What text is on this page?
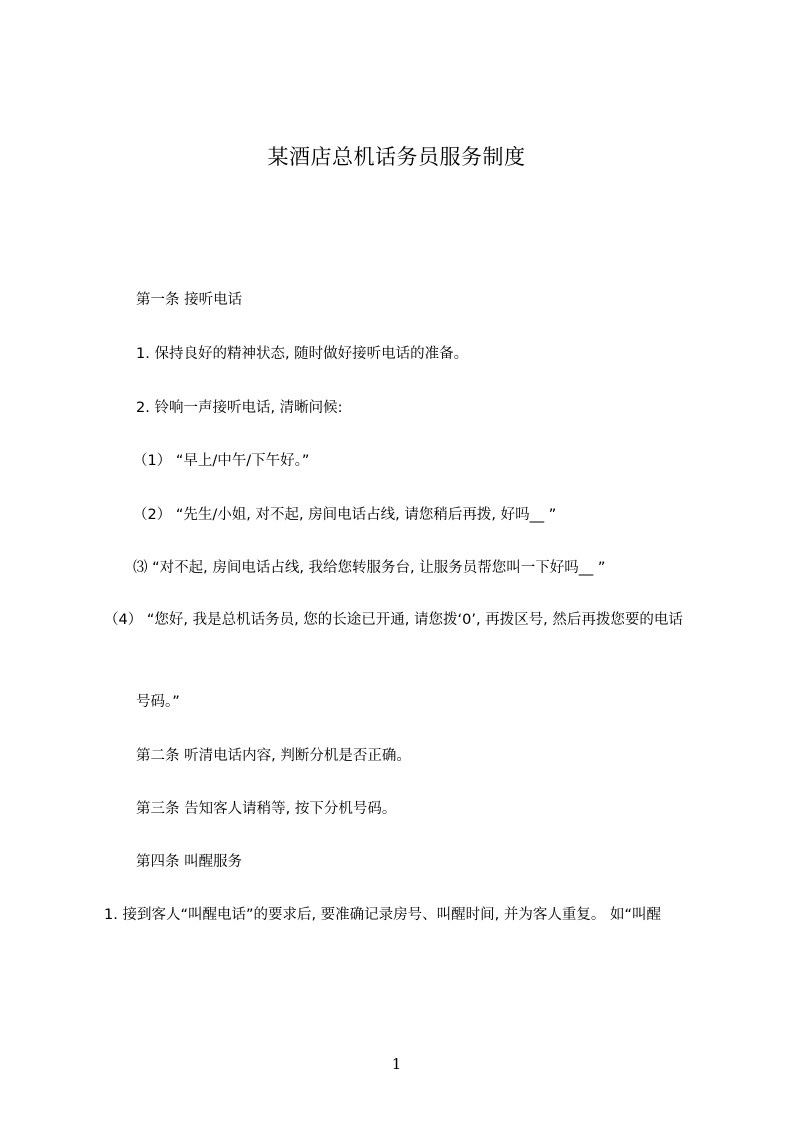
某酒店总机话务员服务制度
第一条 接听电话
1. 保持良好的精神状态, 随时做好接听电话的准备。
2. 铃响一声接听电话, 清晰问候:
（1） “早上/中午/下午好。”
（2） “先生/小姐, 对不起, 房间电话占线, 请您稍后再拨, 好吗__ ”
⑶ “对不起, 房间电话占线, 我给您转服务台, 让服务员帮您叫一下好吗__ ”
（4） “您好, 我是总机话务员, 您的长途已开通, 请您拨‘0’, 再拨区号, 然后再拨您要的电话
号码。”
第二条 听清电话内容, 判断分机是否正确。
第三条 告知客人请稍等, 按下分机号码。
第四条 叫醒服务
1. 接到客人“叫醒电话”的要求后, 要准确记录房号、叫醒时间, 并为客人重复。 如“叫醒
1
